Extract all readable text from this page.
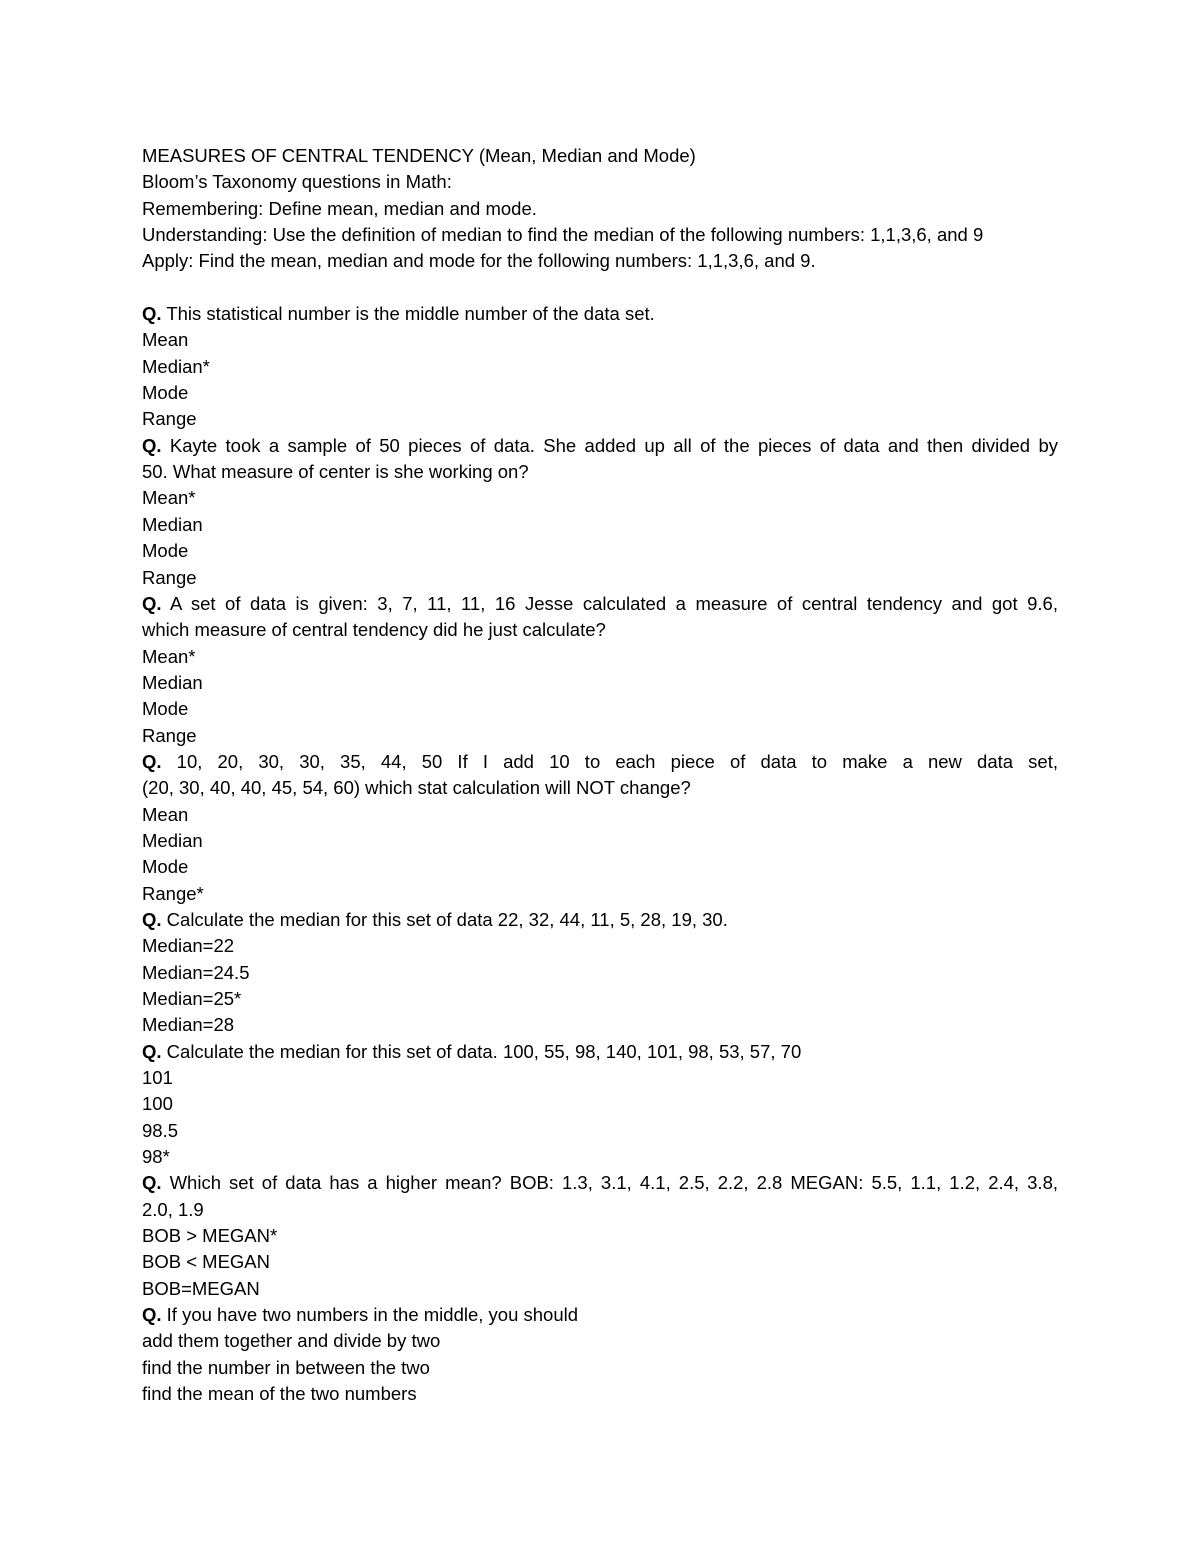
MEASURES OF CENTRAL TENDENCY (Mean, Median and Mode)
Bloom’s Taxonomy questions in Math:
Remembering: Define mean, median and mode.
Understanding: Use the definition of median to find the median of the following numbers: 1,1,3,6, and 9
Apply: Find the mean, median and mode for the following numbers: 1,1,3,6, and 9.
Q. This statistical number is the middle number of the data set.
Mean
Median*
Mode
Range
Q. Kayte took a sample of 50 pieces of data. She added up all of the pieces of data and then divided by
50. What measure of center is she working on?
Mean*
Median
Mode
Range
Q. A set of data is given: 3, 7, 11, 11, 16 Jesse calculated a measure of central tendency and got 9.6,
which measure of central tendency did he just calculate?
Mean*
Median
Mode
Range
Q. 10, 20, 30, 30, 35, 44, 50 If I add 10 to each piece of data to make a new data set,
(20, 30, 40, 40, 45, 54, 60) which stat calculation will NOT change?
Mean
Median
Mode
Range*
Q. Calculate the median for this set of data 22, 32, 44, 11, 5, 28, 19, 30.
Median=22
Median=24.5
Median=25*
Median=28
Q. Calculate the median for this set of data. 100, 55, 98, 140, 101, 98, 53, 57, 70
101
100
98.5
98*
Q. Which set of data has a higher mean? BOB: 1.3, 3.1, 4.1, 2.5, 2.2, 2.8 MEGAN: 5.5, 1.1, 1.2, 2.4, 3.8,
2.0, 1.9
BOB > MEGAN*
BOB < MEGAN
BOB=MEGAN
Q. If you have two numbers in the middle, you should
add them together and divide by two
find the number in between the two
find the mean of the two numbers
